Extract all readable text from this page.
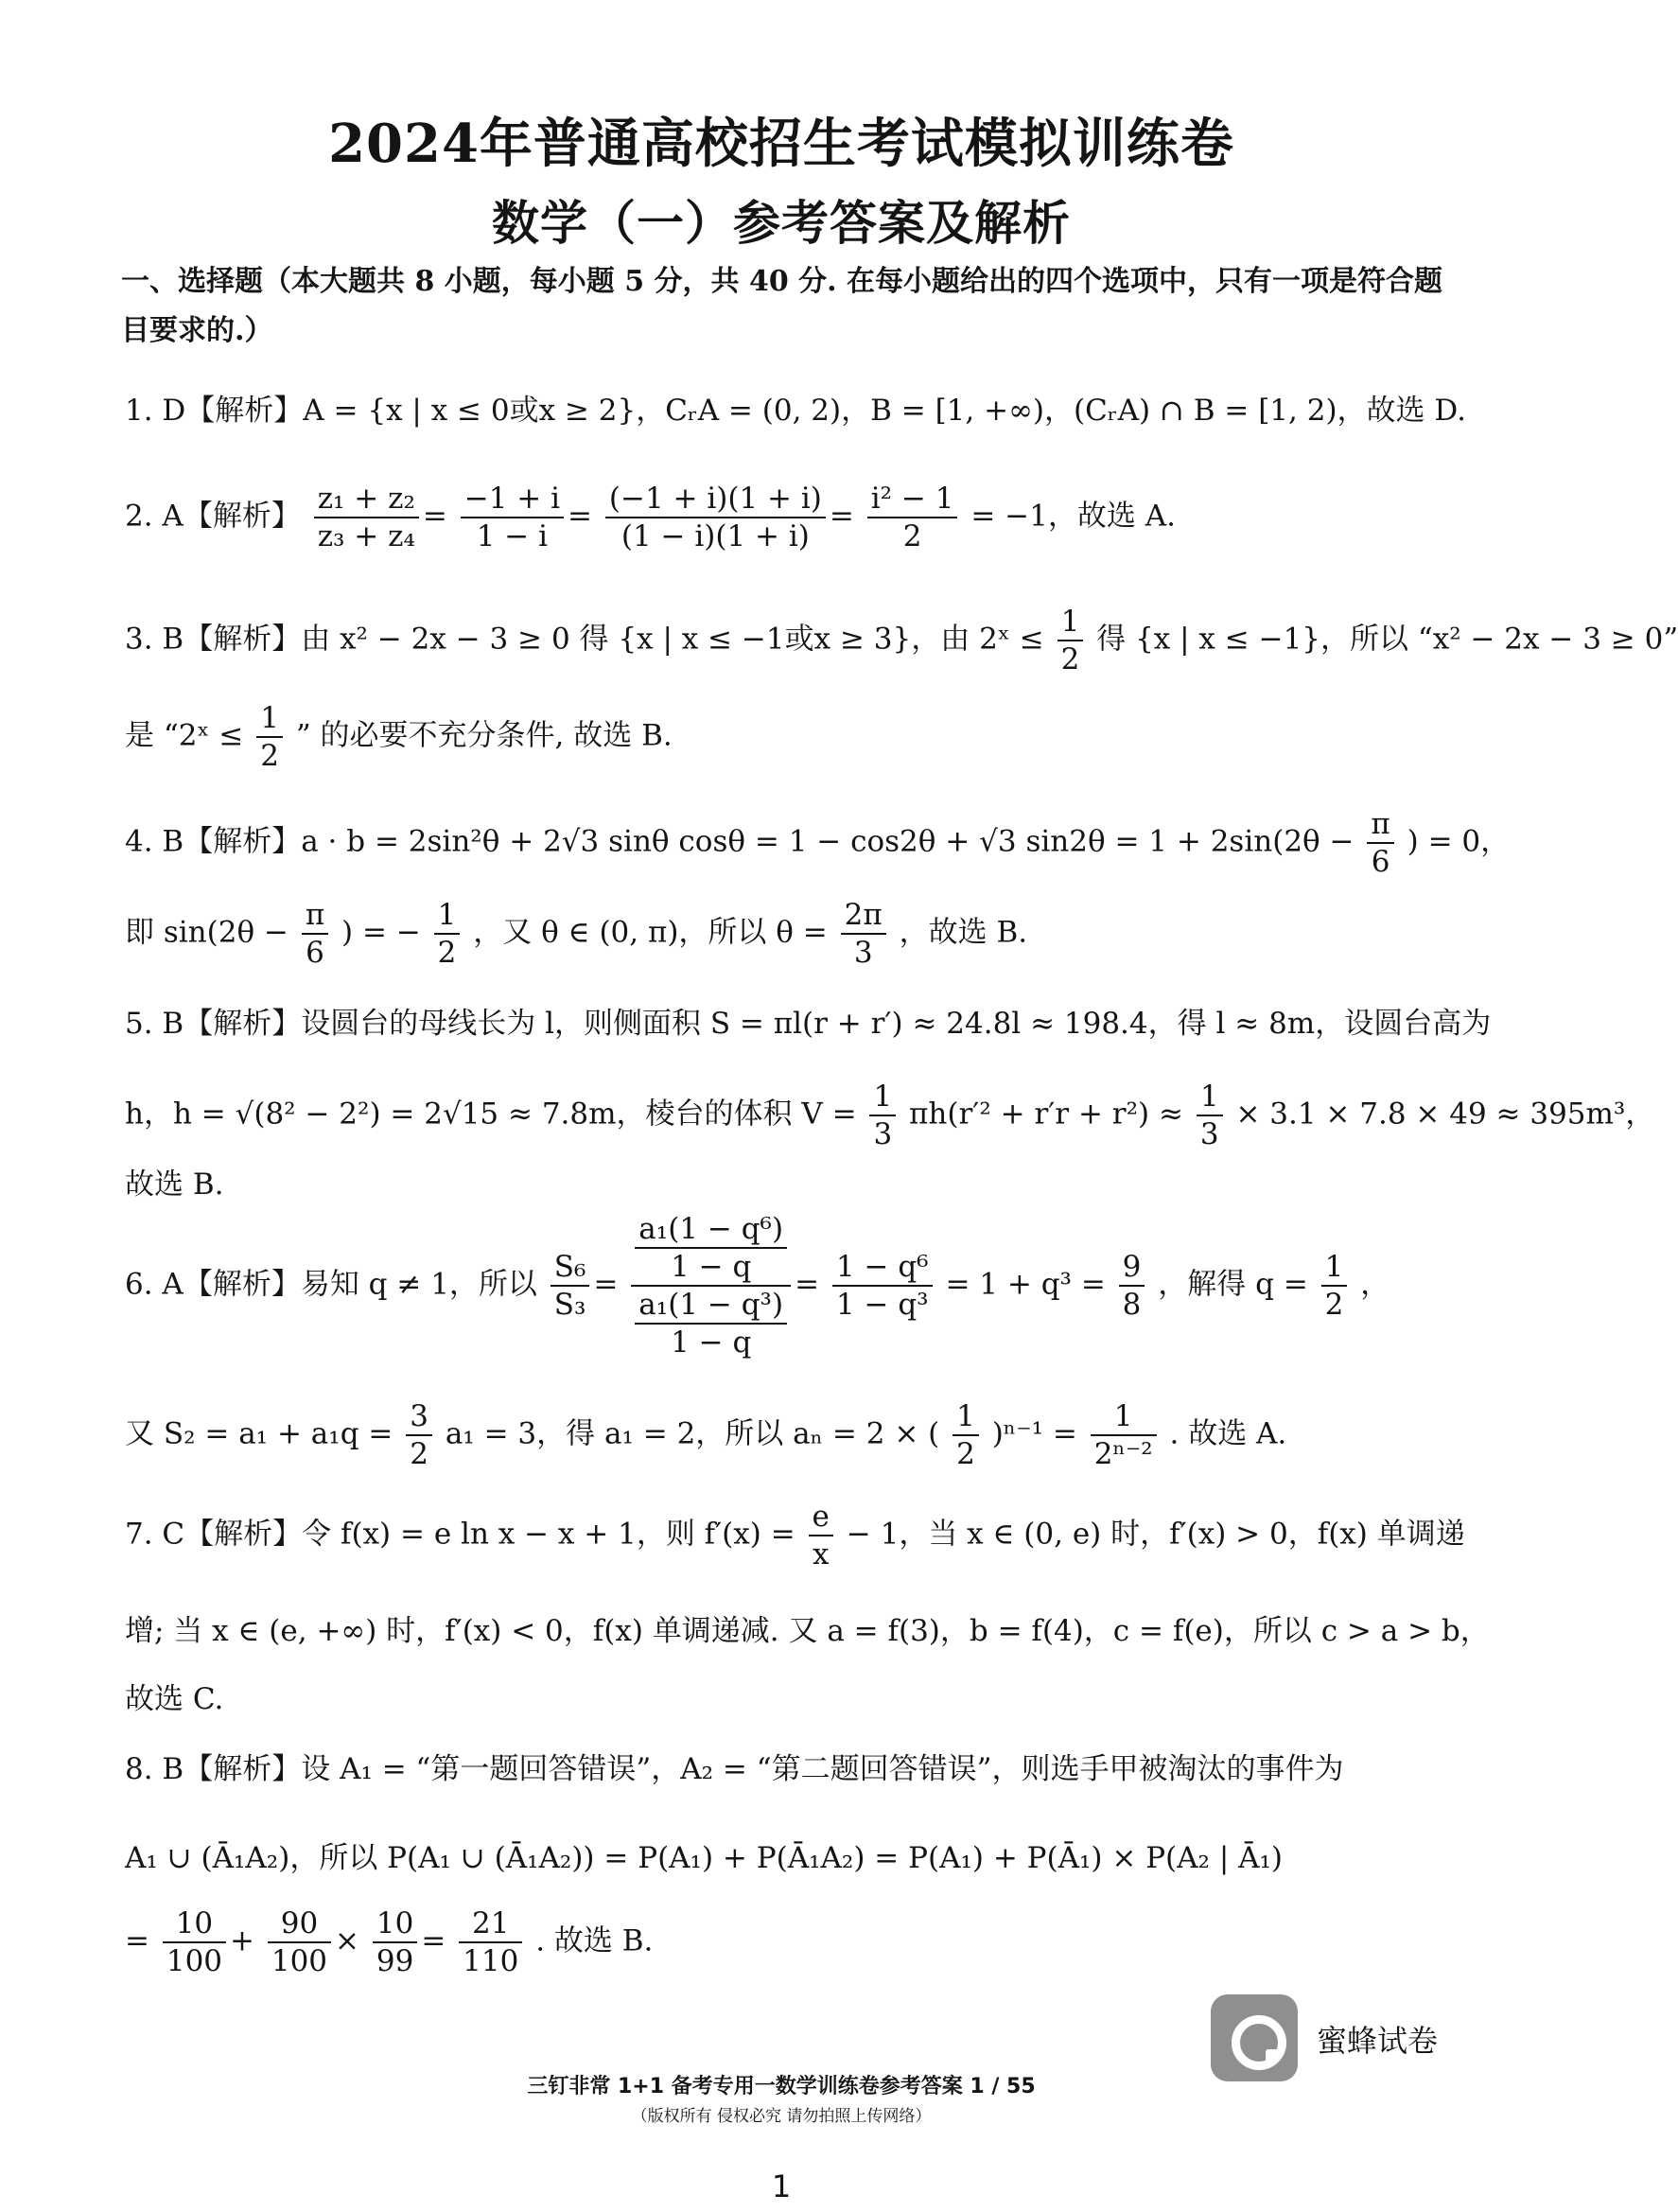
2024年普通高校招生考试模拟训练卷
数学（一）参考答案及解析
一、选择题（本大题共 8 小题，每小题 5 分，共 40 分. 在每小题给出的四个选项中，只有一项是符合题目要求的.）
1. D【解析】A = {x | x ≤ 0或x ≥ 2}，CᵣA = (0, 2)，B = [1, +∞)，(CᵣA) ∩ B = [1, 2)，故选 D.
2. A【解析】 $\frac{\text{z₁ + z₂}}{\text{z₃ + z₄}} = \frac{-1 + i}{1 - i} = \frac{(-1 + i)(1 + i)}{(1 - i)(1 + i)} = \frac{\text{i² − 1}}{2} = -1$，故选 A.
3. B【解析】由 x² − 2x − 3 ≥ 0 得 {x | x ≤ −1或x ≥ 3}，由 2ˣ ≤ $\frac{1}{2}$ 得 {x | x ≤ −1}，所以 “x² − 2x − 3 ≥ 0”
是 “2ˣ ≤ $\frac{1}{2}$ ” 的必要不充分条件, 故选 B.
4. B【解析】a · b = 2sin²θ + 2√3 sinθ cosθ = 1 − cos2θ + √3 $\sin 2\theta = 1 + 2\sin(2\theta - \frac{\pi}{6}$ ) = 0，
即 $\sin(2\theta - \frac{\pi}{6}$ ) = − $\frac{1}{2}$ ，又 θ ∈ (0, π)，所以 $\theta = \frac{2\pi}{3}$ ，故选 B.
5. B【解析】设圆台的母线长为 l，则侧面积 S = πl(r + r′) ≈ 24.8l ≈ 198.4，得 l ≈ 8m，设圆台高为
h，h = √(8² − 2²) = 2√15 ≈ 7.8m，棱台的体积 $V = \frac{1}{3} \pi h(r'^2 + r'r + r^2) \approx \frac{1}{3} \times 3.1 \times 7.8 \times 49 \approx 395m^3$，
故选 B.
6. A【解析】易知 q ≠ 1，所以 $\frac{\text{S₆}}{\text{S₃}} = \frac{\frac{\text{a₁(1 − q⁶)}}{1 - q}}{\frac{\text{a₁(1 − q³)}}{1 - q}} = \frac{\text{1 − q⁶}}{\text{1 − q³}} = 1 + q^3 = \frac{9}{8}$ ，解得 $q = \frac{1}{2}$ ，
又 $S_2 = a_1 + a_1q = \frac{3}{2} a_1 = 3$，得 a₁ = 2，所以 aₙ = 2 × ( $\frac{1}{2} )^{n-1} = \frac{1}{\text{2ⁿ⁻²}}$ . 故选 A.
7. C【解析】令 f(x) = e ln x − x + 1，则 $f'(x) = \frac{e}{x} - 1$，当 x ∈ (0, e) 时，f′(x) > 0，f(x) 单调递
增; 当 x ∈ (e, +∞) 时，f′(x) < 0，f(x) 单调递减. 又 a = f(3)，b = f(4)，c = f(e)，所以 c > a > b，
故选 C.
8. B【解析】设 A₁ = “第一题回答错误”，A₂ = “第二题回答错误”，则选手甲被淘汰的事件为
A₁ ∪ (Ā₁A₂)，所以 P(A₁ ∪ (Ā₁A₂)) = P(A₁) + P(Ā₁A₂) = P(A₁) + P(Ā₁) × P(A₂ | Ā₁)
= $\frac{10}{100} + \frac{90}{100} \times \frac{10}{99} = \frac{21}{110}$ . 故选 B.
蜜蜂试卷
三钉非常 1+1 备考专用一数学训练卷参考答案 1 / 55
（版权所有 侵权必究 请勿拍照上传网络）
1
